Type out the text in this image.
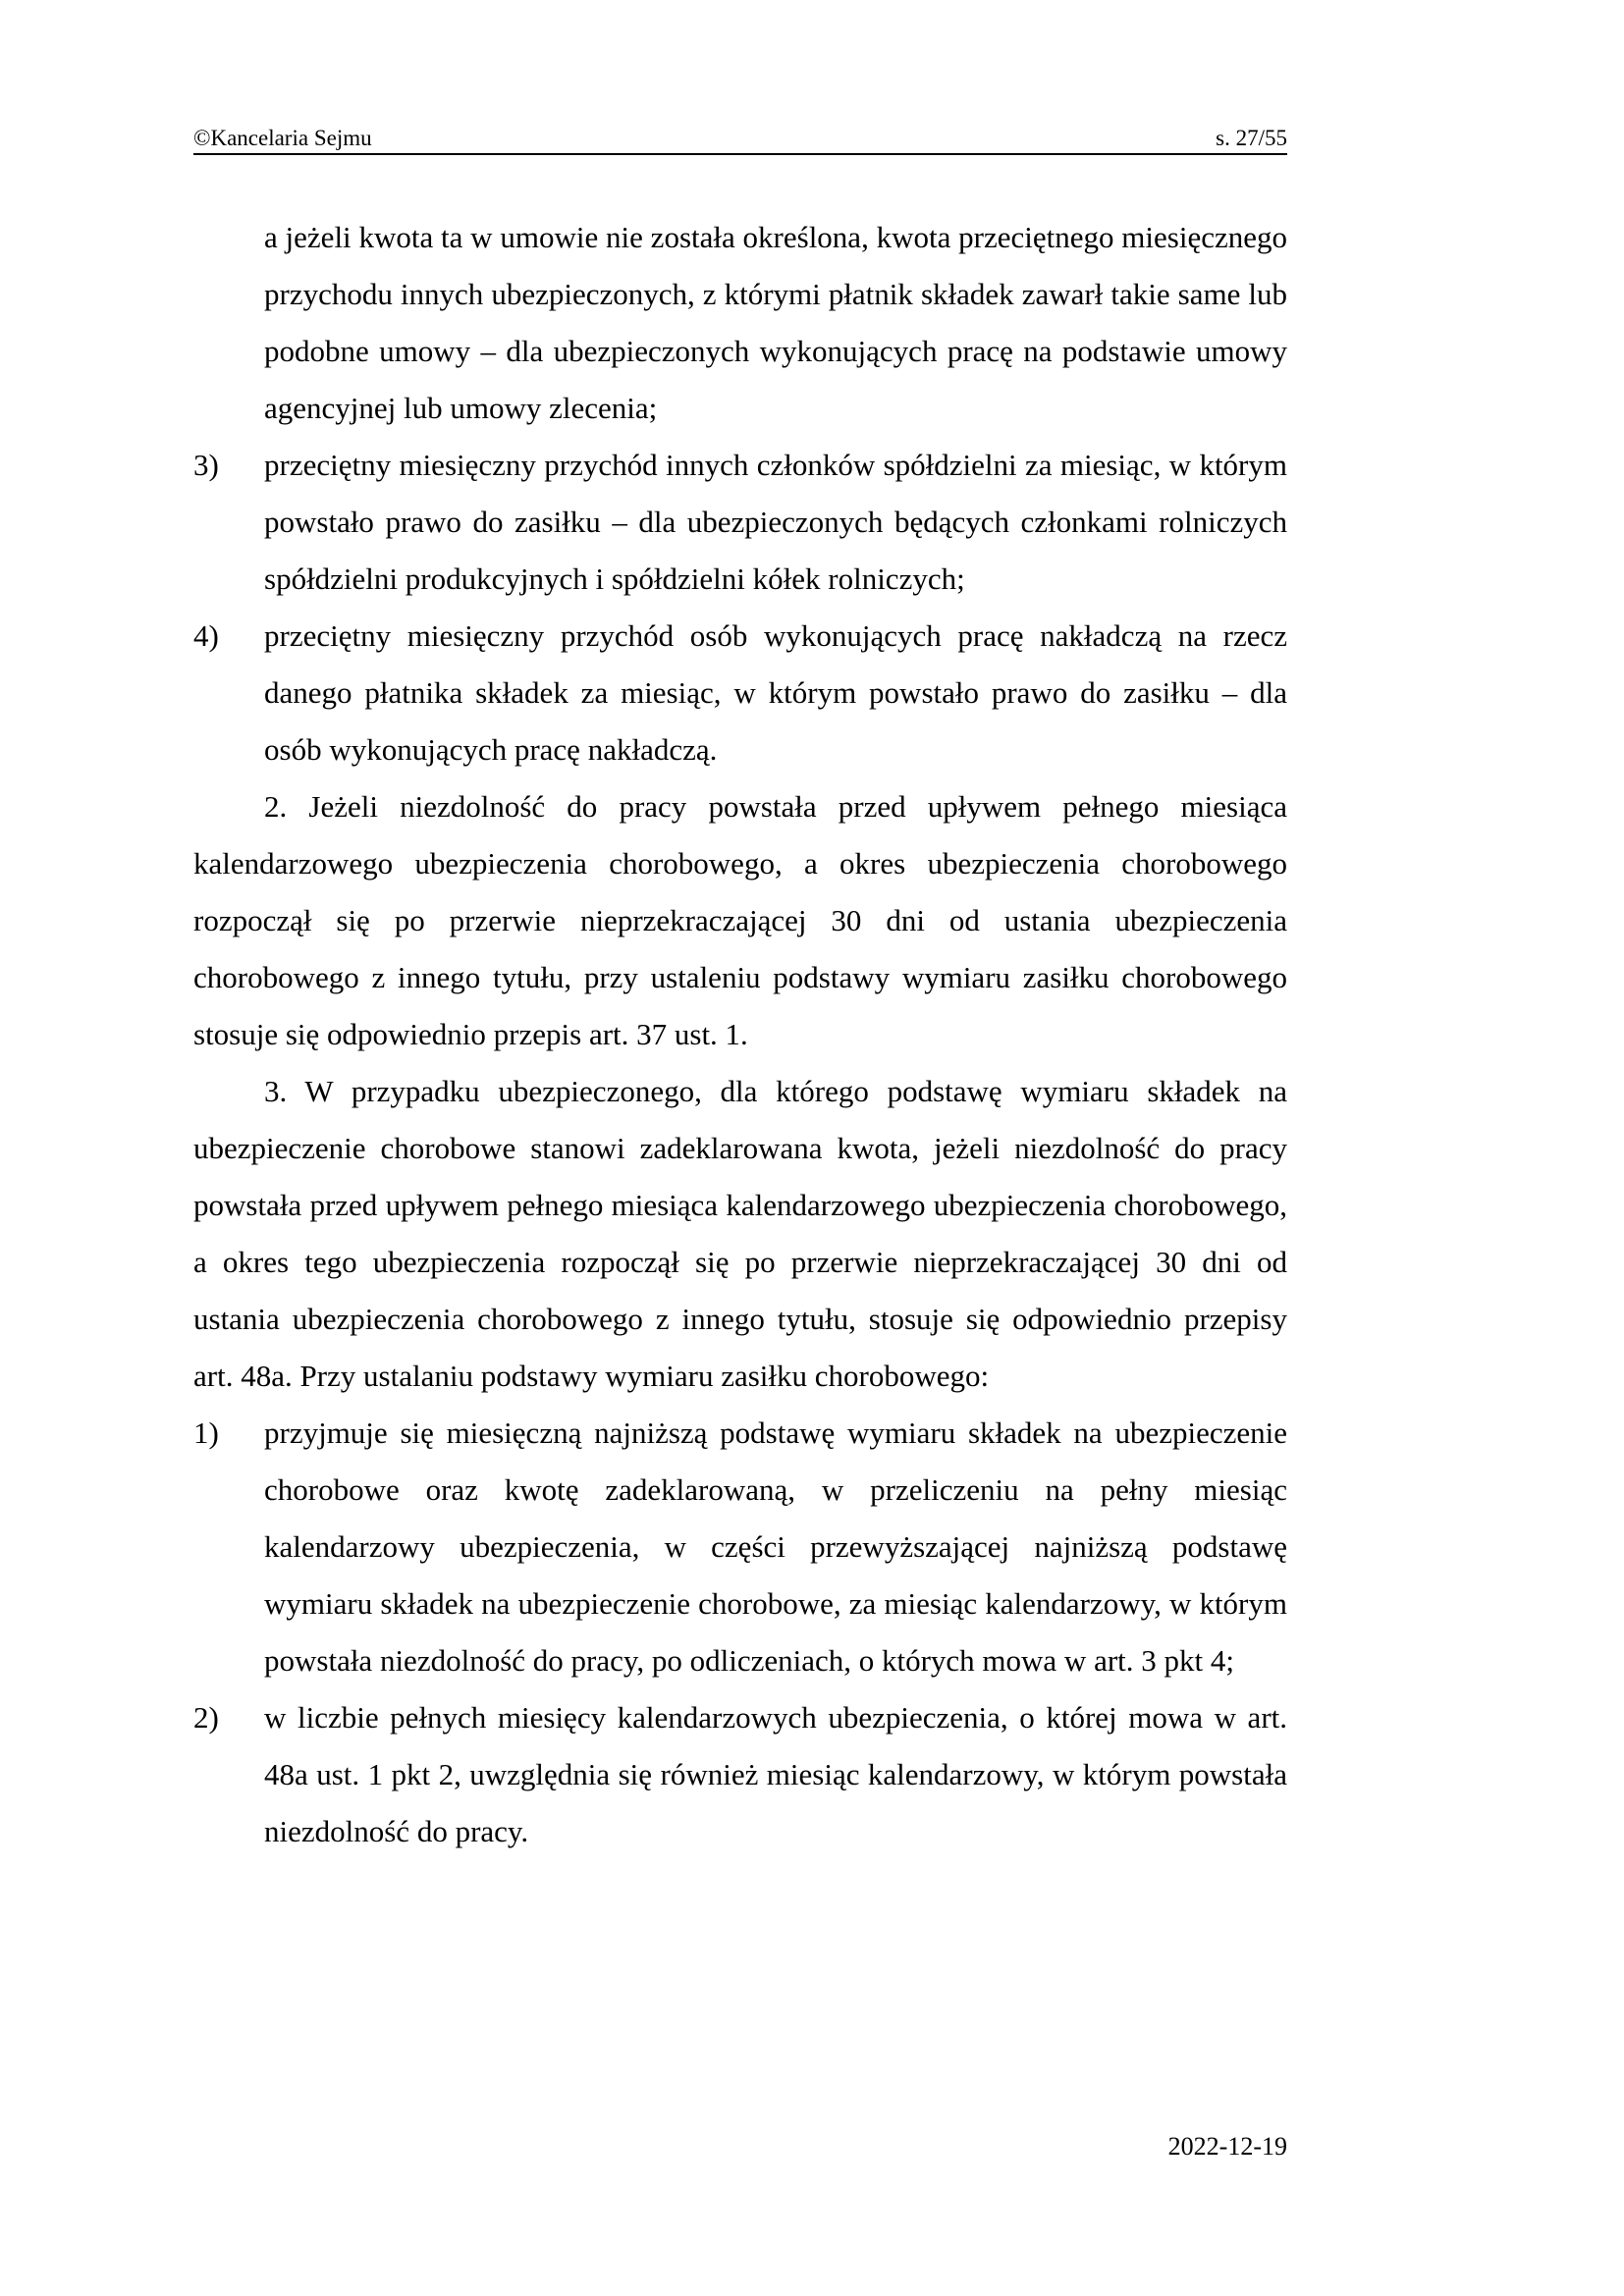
©Kancelaria Sejmu	s. 27/55

a jeżeli kwota ta w umowie nie została określona, kwota przeciętnego miesięcznego przychodu innych ubezpieczonych, z którymi płatnik składek zawarł takie same lub podobne umowy – dla ubezpieczonych wykonujących pracę na podstawie umowy agencyjnej lub umowy zlecenia;

3)	przeciętny miesięczny przychód innych członków spółdzielni za miesiąc, w którym powstało prawo do zasiłku – dla ubezpieczonych będących członkami rolniczych spółdzielni produkcyjnych i spółdzielni kółek rolniczych;
4)	przeciętny miesięczny przychód osób wykonujących pracę nakładczą na rzecz danego płatnika składek za miesiąc, w którym powstało prawo do zasiłku – dla osób wykonujących pracę nakładczą.

2. Jeżeli niezdolność do pracy powstała przed upływem pełnego miesiąca kalendarzowego ubezpieczenia chorobowego, a okres ubezpieczenia chorobowego rozpoczął się po przerwie nieprzekraczającej 30 dni od ustania ubezpieczenia chorobowego z innego tytułu, przy ustaleniu podstawy wymiaru zasiłku chorobowego stosuje się odpowiednio przepis art. 37 ust. 1.

3. W przypadku ubezpieczonego, dla którego podstawę wymiaru składek na ubezpieczenie chorobowe stanowi zadeklarowana kwota, jeżeli niezdolność do pracy powstała przed upływem pełnego miesiąca kalendarzowego ubezpieczenia chorobowego, a okres tego ubezpieczenia rozpoczął się po przerwie nieprzekraczającej 30 dni od ustania ubezpieczenia chorobowego z innego tytułu, stosuje się odpowiednio przepisy art. 48a. Przy ustalaniu podstawy wymiaru zasiłku chorobowego:

1)	przyjmuje się miesięczną najniższą podstawę wymiaru składek na ubezpieczenie chorobowe oraz kwotę zadeklarowaną, w przeliczeniu na pełny miesiąc kalendarzowy ubezpieczenia, w części przewyższającej najniższą podstawę wymiaru składek na ubezpieczenie chorobowe, za miesiąc kalendarzowy, w którym powstała niezdolność do pracy, po odliczeniach, o których mowa w art. 3 pkt 4;
2)	w liczbie pełnych miesięcy kalendarzowych ubezpieczenia, o której mowa w art. 48a ust. 1 pkt 2, uwzględnia się również miesiąc kalendarzowy, w którym powstała niezdolność do pracy.
2022-12-19
